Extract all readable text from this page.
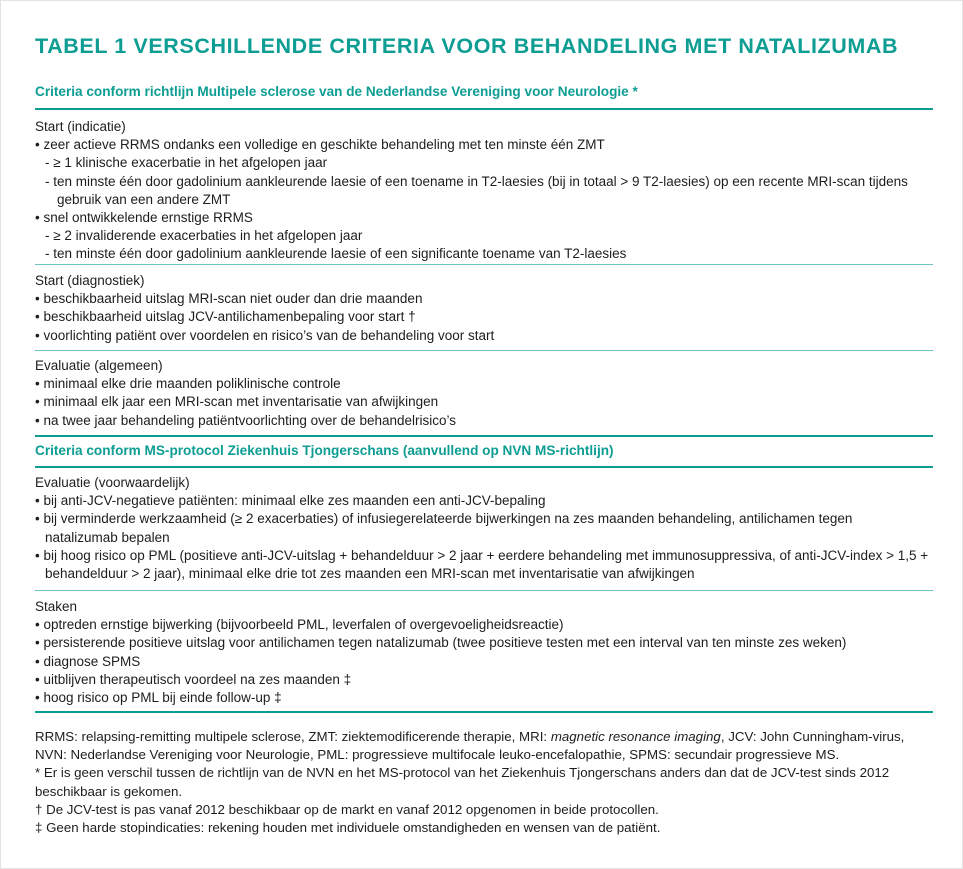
TABEL 1 VERSCHILLENDE CRITERIA VOOR BEHANDELING MET NATALIZUMAB
Criteria conform richtlijn Multipele sclerose van de Nederlandse Vereniging voor Neurologie *
Start (indicatie)
• zeer actieve RRMS ondanks een volledige en geschikte behandeling met ten minste één ZMT
- ≥ 1 klinische exacerbatie in het afgelopen jaar
- ten minste één door gadolinium aankleurende laesie of een toename in T2-laesies (bij in totaal > 9 T2-laesies) op een recente MRI-scan tijdens gebruik van een andere ZMT
• snel ontwikkelende ernstige RRMS
- ≥ 2 invaliderende exacerbaties in het afgelopen jaar
- ten minste één door gadolinium aankleurende laesie of een significante toename van T2-laesies
Start (diagnostiek)
• beschikbaarheid uitslag MRI-scan niet ouder dan drie maanden
• beschikbaarheid uitslag JCV-antilichamenbepaling voor start †
• voorlichting patiënt over voordelen en risico’s van de behandeling voor start
Evaluatie (algemeen)
• minimaal elke drie maanden poliklinische controle
• minimaal elk jaar een MRI-scan met inventarisatie van afwijkingen
• na twee jaar behandeling patiëntvoorlichting over de behandelrisico’s
Criteria conform MS-protocol Ziekenhuis Tjongerschans (aanvullend op NVN MS-richtlijn)
Evaluatie (voorwaardelijk)
• bij anti-JCV-negatieve patiënten: minimaal elke zes maanden een anti-JCV-bepaling
• bij verminderde werkzaamheid (≥ 2 exacerbaties) of infusiegerelateerde bijwerkingen na zes maanden behandeling, antilichamen tegen natalizumab bepalen
• bij hoog risico op PML (positieve anti-JCV-uitslag + behandelduur > 2 jaar + eerdere behandeling met immunosuppressiva, of anti-JCV-index > 1,5 + behandelduur > 2 jaar), minimaal elke drie tot zes maanden een MRI-scan met inventarisatie van afwijkingen
Staken
• optreden ernstige bijwerking (bijvoorbeeld PML, leverfalen of overgevoeligheidsreactie)
• persisterende positieve uitslag voor antilichamen tegen natalizumab (twee positieve testen met een interval van ten minste zes weken)
• diagnose SPMS
• uitblijven therapeutisch voordeel na zes maanden ‡
• hoog risico op PML bij einde follow-up ‡
RRMS: relapsing-remitting multipele sclerose, ZMT: ziektemodificerende therapie, MRI: magnetic resonance imaging, JCV: John Cunningham-virus, NVN: Nederlandse Vereniging voor Neurologie, PML: progressieve multifocale leuko-encefalopathie, SPMS: secundair progressieve MS.
* Er is geen verschil tussen de richtlijn van de NVN en het MS-protocol van het Ziekenhuis Tjongerschans anders dan dat de JCV-test sinds 2012 beschikbaar is gekomen.
† De JCV-test is pas vanaf 2012 beschikbaar op de markt en vanaf 2012 opgenomen in beide protocollen.
‡ Geen harde stopindicaties: rekening houden met individuele omstandigheden en wensen van de patiënt.
